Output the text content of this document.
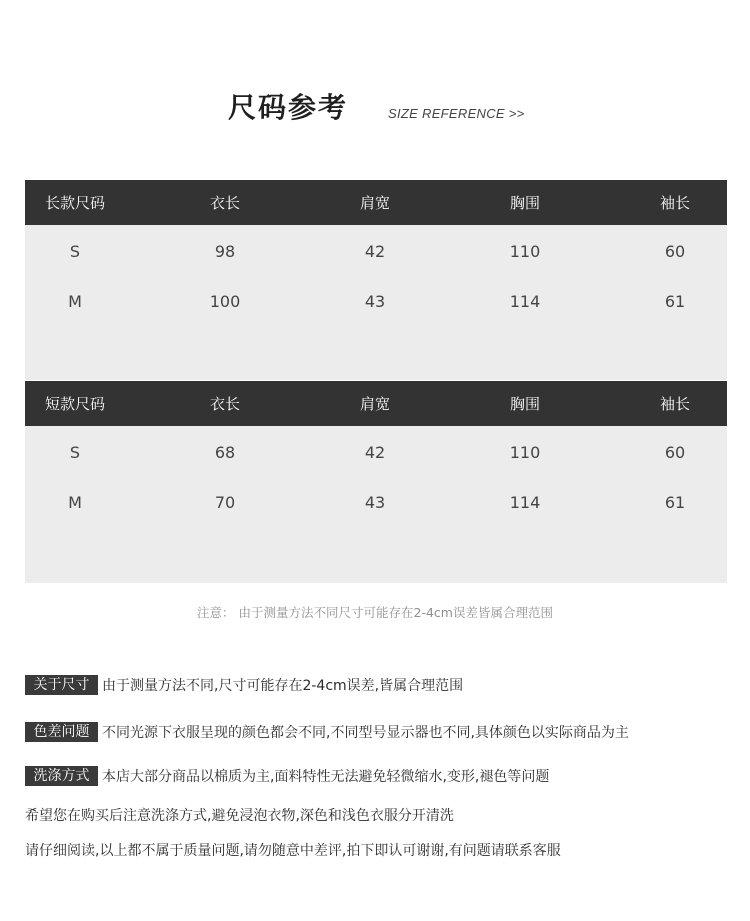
尺码参考	SIZE REFERENCE >>
长款尺码	衣长	肩宽	胸围	袖长
S	98	42	110	60
M	100	43	114	61
短款尺码	衣长	肩宽	胸围	袖长
S	68	42	110	60
M	70	43	114	61
注意： 由于测量方法不同尺寸可能存在2-4cm误差皆属合理范围
关于尺寸 由于测量方法不同,尺寸可能存在2-4cm误差,皆属合理范围
色差问题 不同光源下衣服呈现的颜色都会不同,不同型号显示器也不同,具体颜色以实际商品为主
洗涤方式 本店大部分商品以棉质为主,面料特性无法避免轻微缩水,变形,褪色等问题
希望您在购买后注意洗涤方式,避免浸泡衣物,深色和浅色衣服分开清洗
请仔细阅读,以上都不属于质量问题,请勿随意中差评,拍下即认可谢谢,有问题请联系客服
